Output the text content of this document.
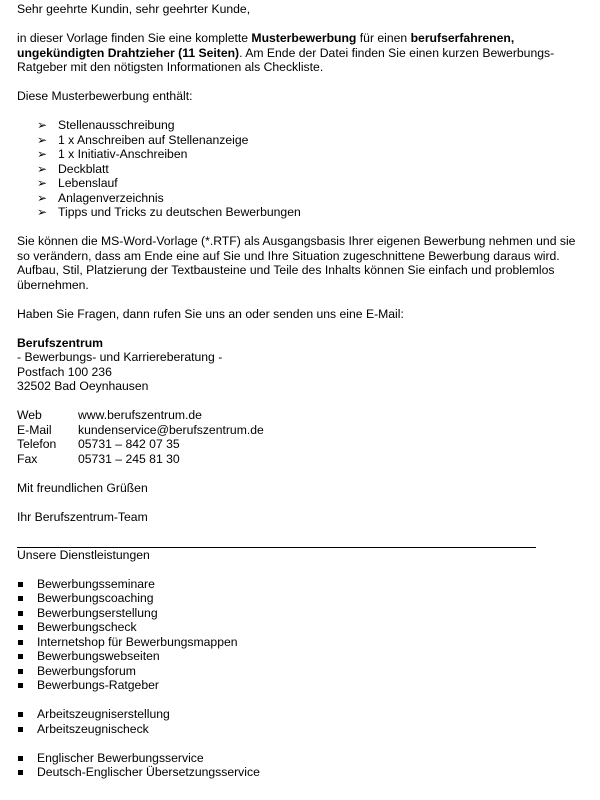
Sehr geehrte Kundin, sehr geehrter Kunde,

in dieser Vorlage finden Sie eine komplette Musterbewerbung für einen berufserfahrenen, ungekündigten Drahtzieher (11 Seiten). Am Ende der Datei finden Sie einen kurzen Bewerbungs-Ratgeber mit den nötigsten Informationen als Checkliste.

Diese Musterbewerbung enthält:

➢ Stellenausschreibung
➢ 1 x Anschreiben auf Stellenanzeige
➢ 1 x Initiativ-Anschreiben
➢ Deckblatt
➢ Lebenslauf
➢ Anlagenverzeichnis
➢ Tipps und Tricks zu deutschen Bewerbungen

Sie können die MS-Word-Vorlage (*.RTF) als Ausgangsbasis Ihrer eigenen Bewerbung nehmen und sie so verändern, dass am Ende eine auf Sie und Ihre Situation zugeschnittene Bewerbung daraus wird. Aufbau, Stil, Platzierung der Textbausteine und Teile des Inhalts können Sie einfach und problemlos übernehmen.

Haben Sie Fragen, dann rufen Sie uns an oder senden uns eine E-Mail:

Berufszentrum

- Bewerbungs- und Karriereberatung -

Postfach 100 236

32502 Bad Oeynhausen

Web	www.berufszentrum.de
E-Mail	kundenservice@berufszentrum.de
Telefon	05731 – 842 07 35
Fax	05731 – 245 81 30

Mit freundlichen Grüßen

Ihr Berufszentrum-Team

Unsere Dienstleistungen

Bewerbungsseminare
Bewerbungscoaching
Bewerbungserstellung
Bewerbungscheck
Internetshop für Bewerbungsmappen
Bewerbungswebseiten
Bewerbungsforum
Bewerbungs-Ratgeber
Arbeitszeugniserstellung
Arbeitszeugnischeck
Englischer Bewerbungsservice
Deutsch-Englischer Übersetzungsservice
